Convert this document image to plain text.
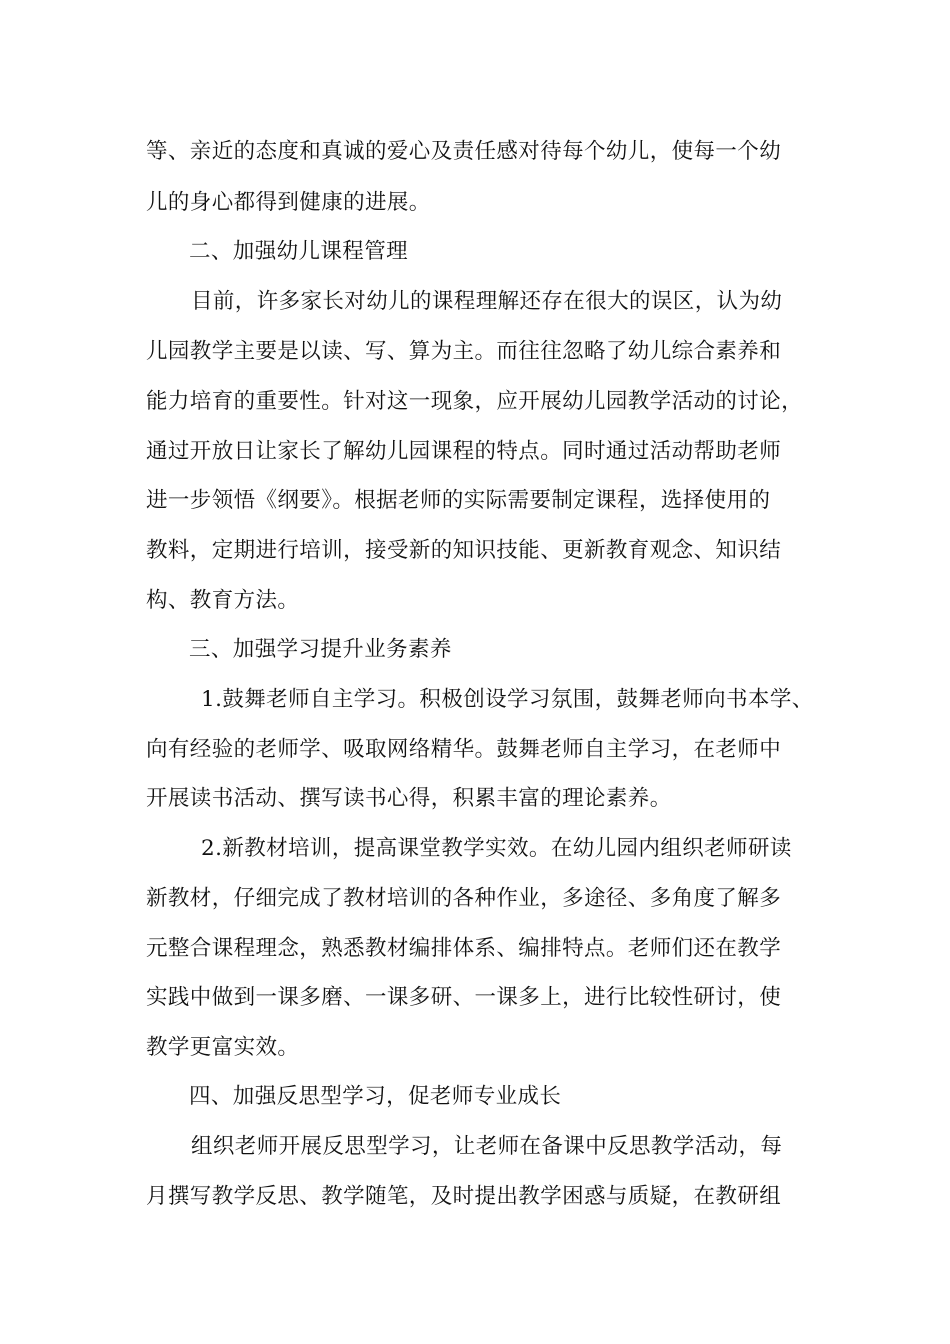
等、亲近的态度和真诚的爱心及责任感对待每个幼儿，使每一个幼
儿的身心都得到健康的进展。
二、加强幼儿课程管理
目前，许多家长对幼儿的课程理解还存在很大的误区，认为幼
儿园教学主要是以读、写、算为主。而往往忽略了幼儿综合素养和
能力培育的重要性。针对这一现象，应开展幼儿园教学活动的讨论，
通过开放日让家长了解幼儿园课程的特点。同时通过活动帮助老师
进一步领悟《纲要》。根据老师的实际需要制定课程，选择使用的
教料，定期进行培训，接受新的知识技能、更新教育观念、知识结
构、教育方法。
三、加强学习提升业务素养
1.鼓舞老师自主学习。积极创设学习氛围，鼓舞老师向书本学、
向有经验的老师学、吸取网络精华。鼓舞老师自主学习，在老师中
开展读书活动、撰写读书心得，积累丰富的理论素养。
2.新教材培训，提高课堂教学实效。在幼儿园内组织老师研读
新教材，仔细完成了教材培训的各种作业，多途径、多角度了解多
元整合课程理念，熟悉教材编排体系、编排特点。老师们还在教学
实践中做到一课多磨、一课多研、一课多上，进行比较性研讨，使
教学更富实效。
四、加强反思型学习，促老师专业成长
组织老师开展反思型学习，让老师在备课中反思教学活动，每
月撰写教学反思、教学随笔，及时提出教学困惑与质疑，在教研组
